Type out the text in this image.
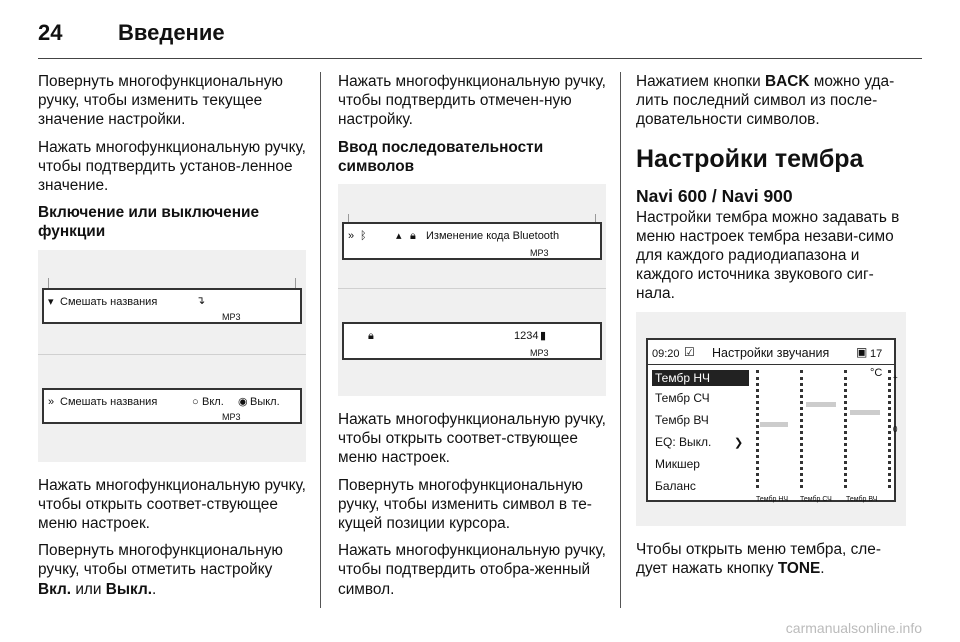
24	Введение

Повернуть многофункциональную ручку, чтобы изменить текущее значение настройки.

Нажать многофункциональную ручку, чтобы подтвердить установ-ленное значение.

Включение или выключение функции
▾ Смешать названия	↴
MP3
» Смешать названия	○ Вкл. ◉ Выкл.
MP3

Нажать многофункциональную ручку, чтобы открыть соответ-ствующее меню настроек.

Повернуть многофункциональную ручку, чтобы отметить настройку Вкл. или Выкл..

Нажать многофункциональную ручку, чтобы подтвердить отмечен-ную настройку.

Ввод последовательности символов
» ᛒ	▴ 🔒︎ Изменение кода Bluetooth
MP3
🔒︎	1234 ▮
MP3

Нажать многофункциональную ручку, чтобы открыть соответ-ствующее меню настроек.

Повернуть многофункциональную ручку, чтобы изменить символ в те-кущей позиции курсора.

Нажать многофункциональную ручку, чтобы подтвердить отобра-женный символ.

Нажатием кнопки BACK можно уда-лить последний символ из после-довательности символов.

Настройки тембра
Navi 600 / Navi 900

Настройки тембра можно задавать в меню настроек тембра незави-симо для каждого радиодиапазона и каждого источника звукового сиг-нала.

09:20 ☑ Настройки звучания ▣ 17 °C
Тембр НЧ
Тембр СЧ
Тембр ВЧ
EQ: Выкл.	❯
Микшер
Баланс
+
0
Тембр НЧ Тембр СЧ Тембр ВЧ

Чтобы открыть меню тембра, сле-дует нажать кнопку TONE.

carmanualsonline.info
